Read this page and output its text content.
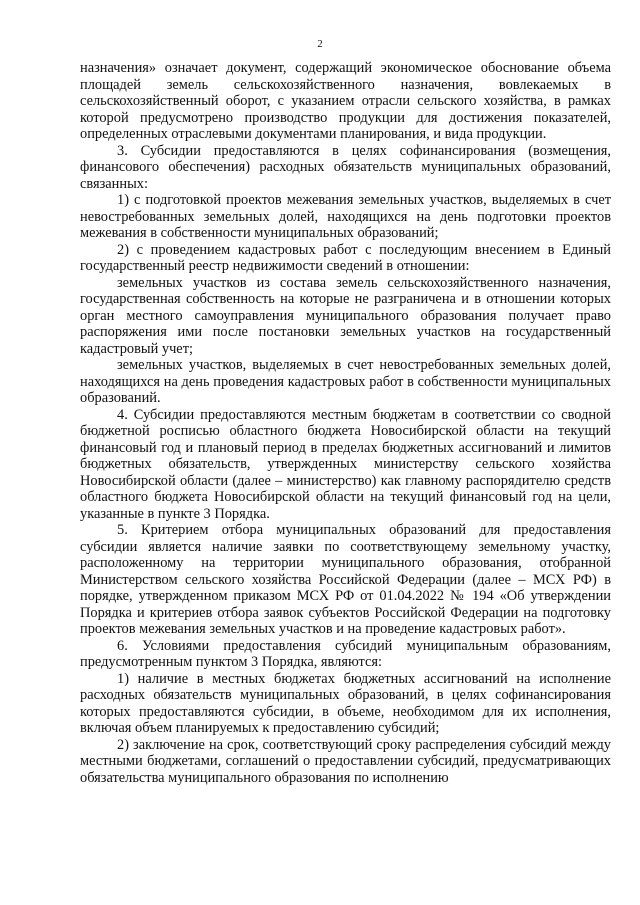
2

назначения» означает документ, содержащий экономическое обоснование объема площадей земель сельскохозяйственного назначения, вовлекаемых в сельскохозяйственный оборот, с указанием отрасли сельского хозяйства, в рамках которой предусмотрено производство продукции для достижения показателей, определенных отраслевыми документами планирования, и вида продукции.

3. Субсидии предоставляются в целях софинансирования (возмещения, финансового обеспечения) расходных обязательств муниципальных образований, связанных:

1) с подготовкой проектов межевания земельных участков, выделяемых в счет невостребованных земельных долей, находящихся на день подготовки проектов межевания в собственности муниципальных образований;

2) с проведением кадастровых работ с последующим внесением в Единый государственный реестр недвижимости сведений в отношении:

земельных участков из состава земель сельскохозяйственного назначения, государственная собственность на которые не разграничена и в отношении которых орган местного самоуправления муниципального образования получает право распоряжения ими после постановки земельных участков на государственный кадастровый учет;

земельных участков, выделяемых в счет невостребованных земельных долей, находящихся на день проведения кадастровых работ в собственности муниципальных образований.

4. Субсидии предоставляются местным бюджетам в соответствии со сводной бюджетной росписью областного бюджета Новосибирской области на текущий финансовый год и плановый период в пределах бюджетных ассигнований и лимитов бюджетных обязательств, утвержденных министерству сельского хозяйства Новосибирской области (далее – министерство) как главному распорядителю средств областного бюджета Новосибирской области на текущий финансовый год на цели, указанные в пункте 3 Порядка.

5. Критерием отбора муниципальных образований для предоставления субсидии является наличие заявки по соответствующему земельному участку, расположенному на территории муниципального образования, отобранной Министерством сельского хозяйства Российской Федерации (далее – МСХ РФ) в порядке, утвержденном приказом МСХ РФ от 01.04.2022 № 194 «Об утверждении Порядка и критериев отбора заявок субъектов Российской Федерации на подготовку проектов межевания земельных участков и на проведение кадастровых работ».

6. Условиями предоставления субсидий муниципальным образованиям, предусмотренным пунктом 3 Порядка, являются:

1) наличие в местных бюджетах бюджетных ассигнований на исполнение расходных обязательств муниципальных образований, в целях софинансирования которых предоставляются субсидии, в объеме, необходимом для их исполнения, включая объем планируемых к предоставлению субсидий;

2) заключение на срок, соответствующий сроку распределения субсидий между местными бюджетами, соглашений о предоставлении субсидий, предусматривающих обязательства муниципального образования по исполнению
